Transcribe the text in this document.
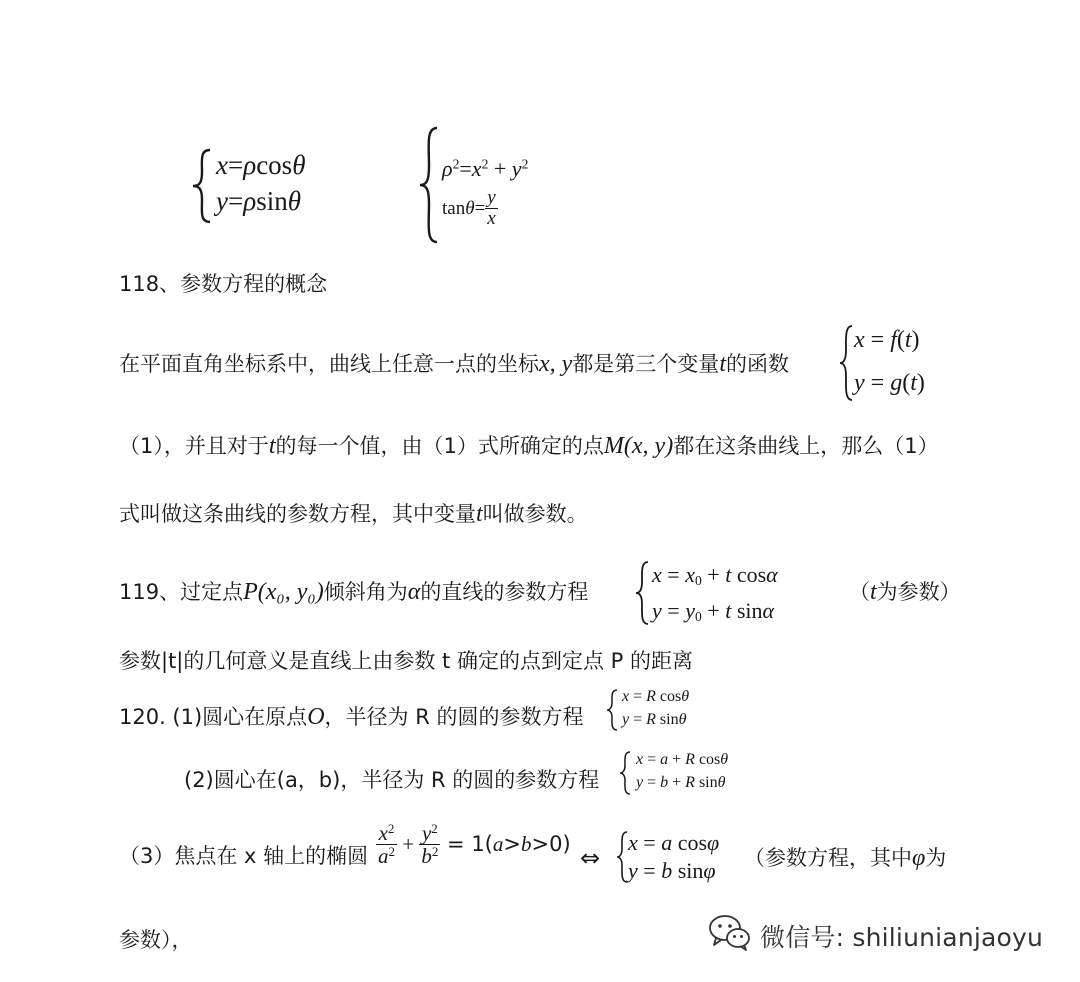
x=ρcosθ
y=ρsinθ
$\rho^2=x^2 + y^2$
$\tan\theta= \frac{y}{x}$
118、参数方程的概念
在平面直角坐标系中，曲线上任意一点的坐标x, y都是第三个变量t的函数
x = f(t)
y = g(t)
（1），并且对于t的每一个值，由（1）式所确定的点M(x, y)都在这条曲线上，那么（1）
式叫做这条曲线的参数方程，其中变量t叫做参数。
119、过定点P(x₀, y₀)倾斜角为α的直线的参数方程
$x = x_0 + t$ cosα
$y = y_0 + t$ sinα
（t为参数）
参数|t|的几何意义是直线上由参数 t 确定的点到定点 P 的距离
120. (1)圆心在原点O，半径为 R 的圆的参数方程
x = R cosθ
y = R sinθ
(2)圆心在(a，b)，半径为 R 的圆的参数方程
x = a + R cosθ
y = b + R sinθ
（3）焦点在 x 轴上的椭圆 $\frac{x^2}{a^2} + \frac{y^2}{b^2} = 1(a>b>0)$ ⇔
x = a cosφ
y = b sinφ （参数方程，其中φ为
参数），	微信号: shiliunianjaoyu
